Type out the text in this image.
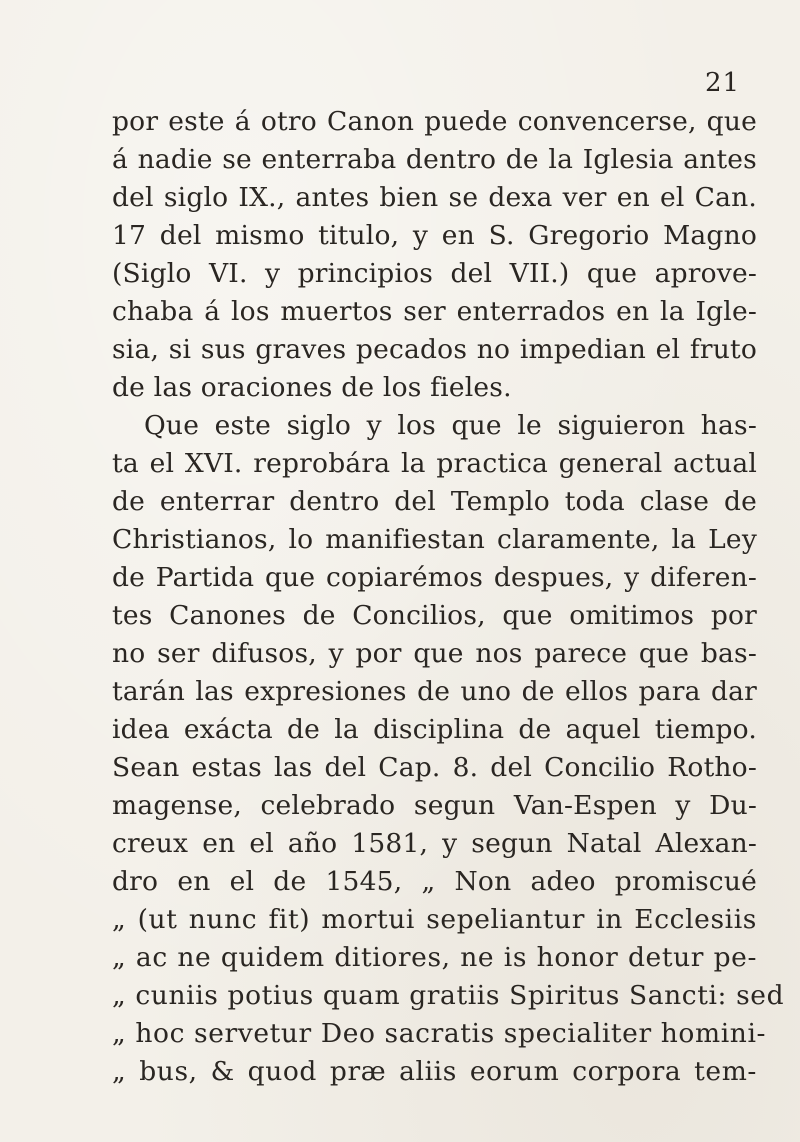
21
por este á otro Canon puede convencerse, que
á nadie se enterraba dentro de la Iglesia antes
del siglo IX., antes bien se dexa ver en el Can.
17 del mismo titulo, y en S. Gregorio Magno
(Siglo VI. y principios del VII.) que aprove-
chaba á los muertos ser enterrados en la Igle-
sia, si sus graves pecados no impedian el fruto
de las oraciones de los fieles.
Que este siglo y los que le siguieron has-
ta el XVI. reprobára la practica general actual
de enterrar dentro del Templo toda clase de
Christianos, lo manifiestan claramente, la Ley
de Partida que copiarémos despues, y diferen-
tes Canones de Concilios, que omitimos por
no ser difusos, y por que nos parece que bas-
tarán las expresiones de uno de ellos para dar
idea exácta de la disciplina de aquel tiempo.
Sean estas las del Cap. 8. del Concilio Rotho-
magense, celebrado segun Van-Espen y Du-
creux en el año 1581, y segun Natal Alexan-
dro en el de 1545, „ Non adeo promiscué
„ (ut nunc fit) mortui sepeliantur in Ecclesiis
„ ac ne quidem ditiores, ne is honor detur pe-
„ cuniis potius quam gratiis Spiritus Sancti: sed
„ hoc servetur Deo sacratis specialiter homini-
„ bus, & quod præ aliis eorum corpora tem-
